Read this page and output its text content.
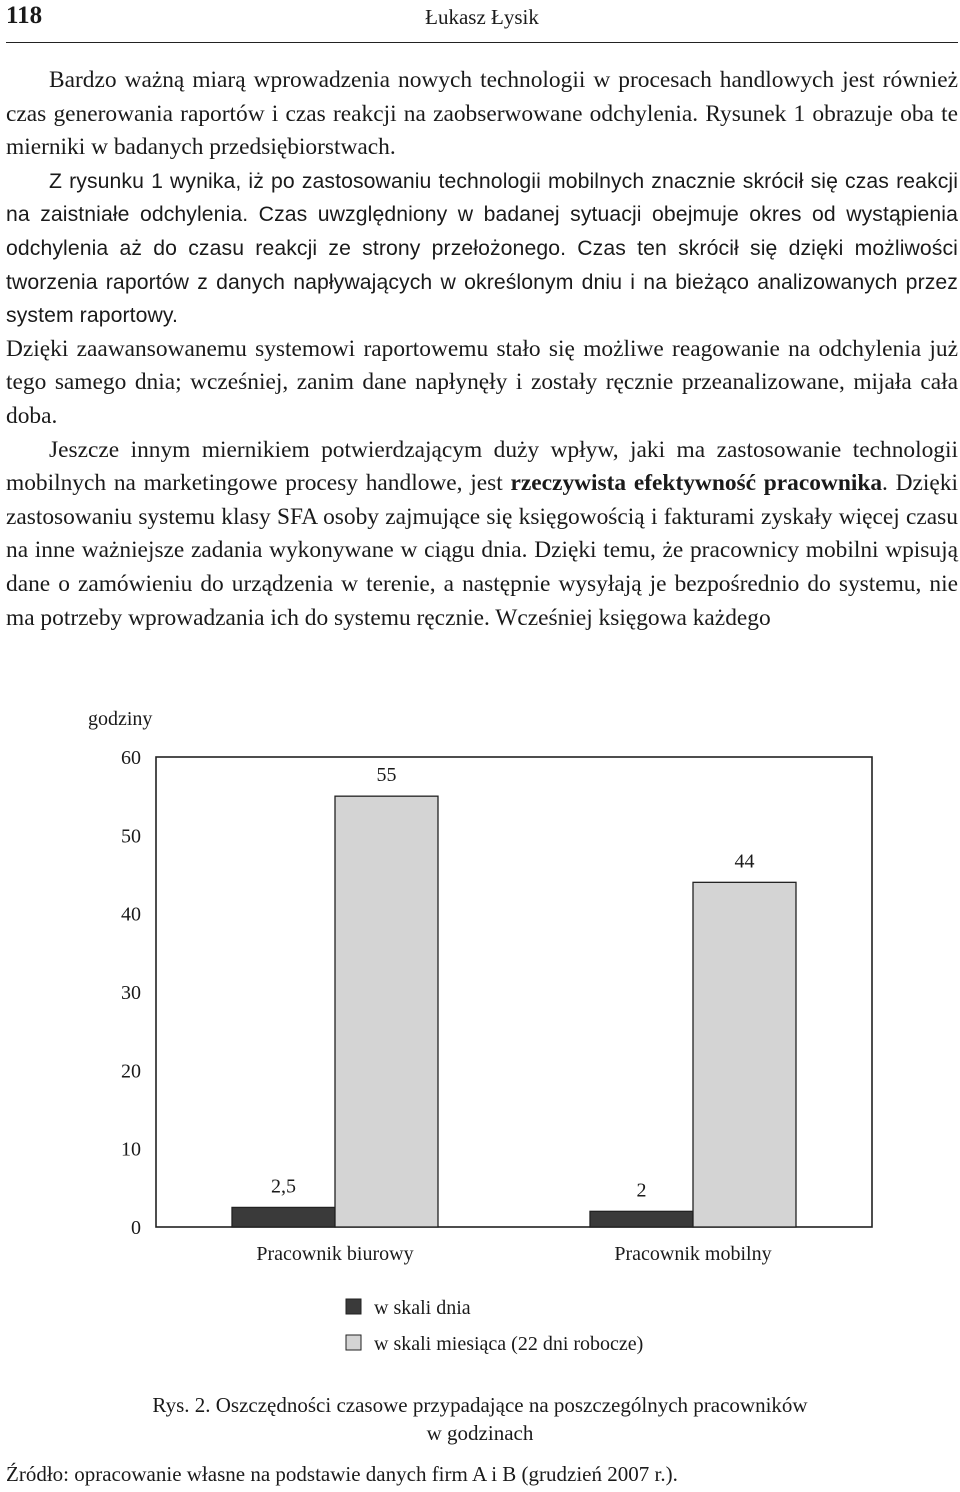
118	Łukasz Łysik

Bardzo ważną miarą wprowadzenia nowych technologii w procesach handlowych jest również czas generowania raportów i czas reakcji na zaobserwowane odchylenia. Rysunek 1 obrazuje oba te mierniki w badanych przedsiębiorstwach.

Z rysunku 1 wynika, iż po zastosowaniu technologii mobilnych znacznie skrócił się czas reakcji na zaistniałe odchylenia. Czas uwzględniony w badanej sytuacji obejmuje okres od wystąpienia odchylenia aż do czasu reakcji ze strony przełożonego. Czas ten skrócił się dzięki możliwości tworzenia raportów z danych napływających w określonym dniu i na bieżąco analizowanych przez system raportowy.

Dzięki zaawansowanemu systemowi raportowemu stało się możliwe reagowanie na odchylenia już tego samego dnia; wcześniej, zanim dane napłynęły i zostały ręcznie przeanalizowane, mijała cała doba.

Jeszcze innym miernikiem potwierdzającym duży wpływ, jaki ma zastosowanie technologii mobilnych na marketingowe procesy handlowe, jest rzeczywista efektywność pracownika. Dzięki zastosowaniu systemu klasy SFA osoby zajmujące się księgowością i fakturami zyskały więcej czasu na inne ważniejsze zadania wykonywane w ciągu dnia. Dzięki temu, że pracownicy mobilni wpisują dane o zamówieniu do urządzenia w terenie, a następnie wysyłają je bezpośrednio do systemu, nie ma potrzeby wprowadzania ich do systemu ręcznie. Wcześniej księgowa każdego

godziny
0
10
20
30
40
50
60
2,5
55
Pracownik biurowy
2
44
Pracownik mobilny
w skali dnia
w skali miesiąca (22 dni robocze)
Rys. 2. Oszczędności czasowe przypadające na poszczególnych pracowników
w godzinach
Źródło: opracowanie własne na podstawie danych firm A i B (grudzień 2007 r.).
